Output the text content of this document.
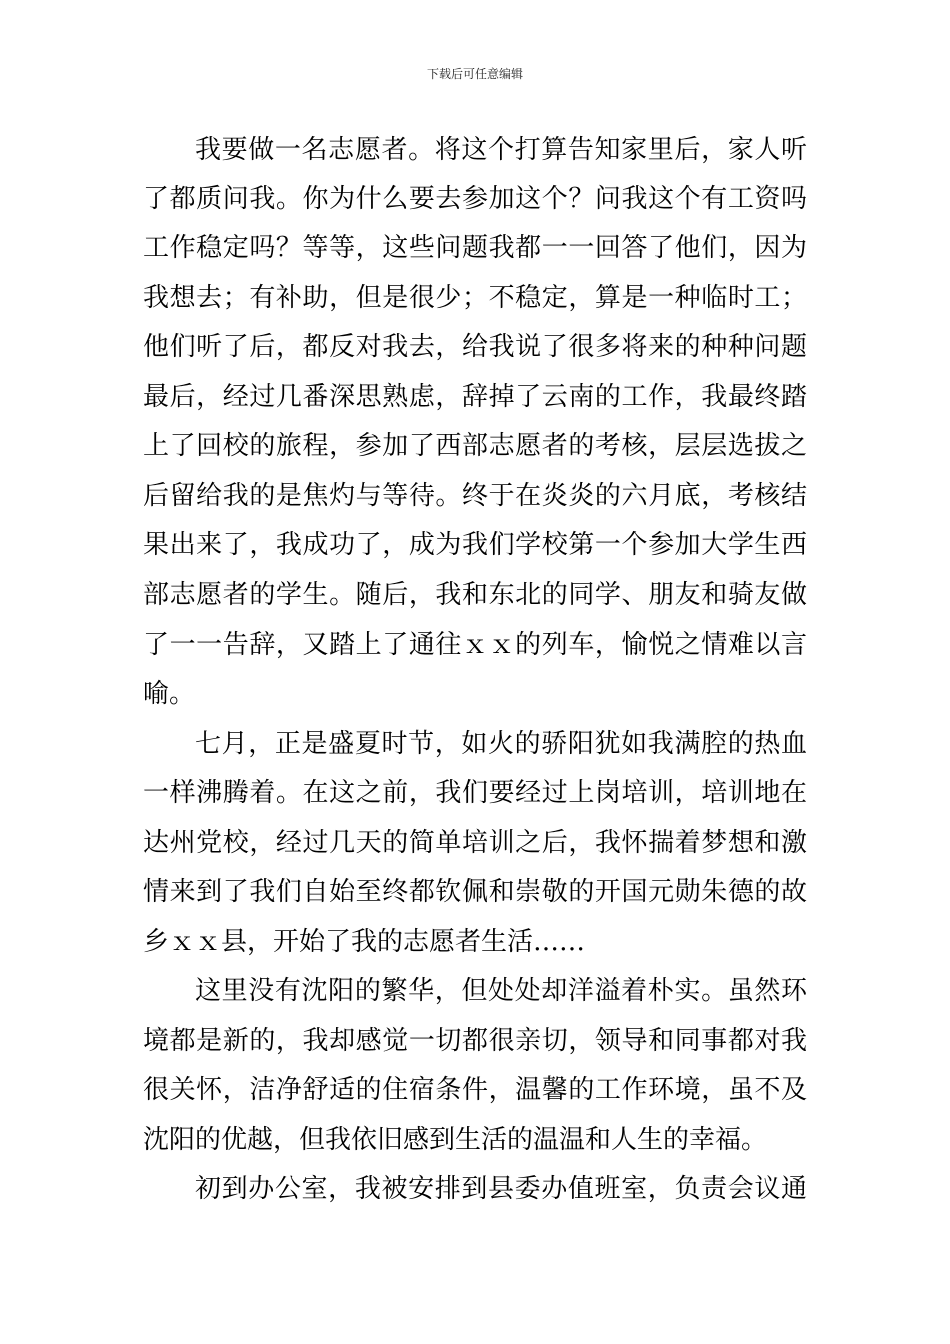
下载后可任意编辑
我要做一名志愿者。将这个打算告知家里后，家人听
了都质问我。你为什么要去参加这个？问我这个有工资吗
工作稳定吗？等等，这些问题我都一一回答了他们，因为
我想去；有补助，但是很少；不稳定，算是一种临时工；
他们听了后，都反对我去，给我说了很多将来的种种问题
最后，经过几番深思熟虑，辞掉了云南的工作，我最终踏
上了回校的旅程，参加了西部志愿者的考核，层层选拔之
后留给我的是焦灼与等待。终于在炎炎的六月底，考核结
果出来了，我成功了，成为我们学校第一个参加大学生西
部志愿者的学生。随后，我和东北的同学、朋友和骑友做
了一一告辞，又踏上了通往ｘｘ的列车，愉悦之情难以言
喻。
七月，正是盛夏时节，如火的骄阳犹如我满腔的热血
一样沸腾着。在这之前，我们要经过上岗培训，培训地在
达州党校，经过几天的简单培训之后，我怀揣着梦想和激
情来到了我们自始至终都钦佩和崇敬的开国元勋朱德的故
乡ｘｘ县，开始了我的志愿者生活……
这里没有沈阳的繁华，但处处却洋溢着朴实。虽然环
境都是新的，我却感觉一切都很亲切，领导和同事都对我
很关怀，洁净舒适的住宿条件，温馨的工作环境，虽不及
沈阳的优越，但我依旧感到生活的温温和人生的幸福。
初到办公室，我被安排到县委办值班室，负责会议通
